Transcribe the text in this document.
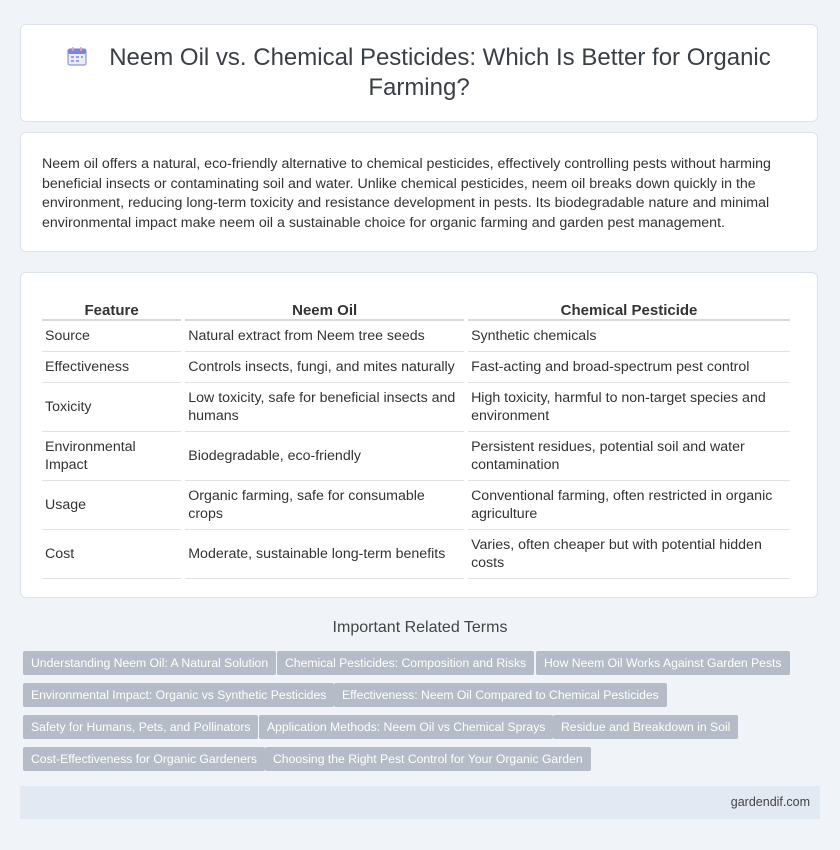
Neem Oil vs. Chemical Pesticides: Which Is Better for Organic Farming?

Neem oil offers a natural, eco-friendly alternative to chemical pesticides, effectively controlling pests without harming beneficial insects or contaminating soil and water. Unlike chemical pesticides, neem oil breaks down quickly in the environment, reducing long-term toxicity and resistance development in pests. Its biodegradable nature and minimal environmental impact make neem oil a sustainable choice for organic farming and garden pest management.

Feature	Neem Oil	Chemical Pesticide
Source	Natural extract from Neem tree seeds	Synthetic chemicals
Effectiveness	Controls insects, fungi, and mites naturally	Fast-acting and broad-spectrum pest control
Toxicity	Low toxicity, safe for beneficial insects and humans	High toxicity, harmful to non-target species and environment
Environmental Impact	Biodegradable, eco-friendly	Persistent residues, potential soil and water contamination
Usage	Organic farming, safe for consumable crops	Conventional farming, often restricted in organic agriculture
Cost	Moderate, sustainable long-term benefits	Varies, often cheaper but with potential hidden costs
Important Related Terms
Understanding Neem Oil: A Natural Solution	Chemical Pesticides: Composition and Risks	How Neem Oil Works Against Garden Pests
Environmental Impact: Organic vs Synthetic Pesticides	Effectiveness: Neem Oil Compared to Chemical Pesticides
Safety for Humans, Pets, and Pollinators	Application Methods: Neem Oil vs Chemical Sprays	Residue and Breakdown in Soil
Cost-Effectiveness for Organic Gardeners	Choosing the Right Pest Control for Your Organic Garden
gardendif.com
